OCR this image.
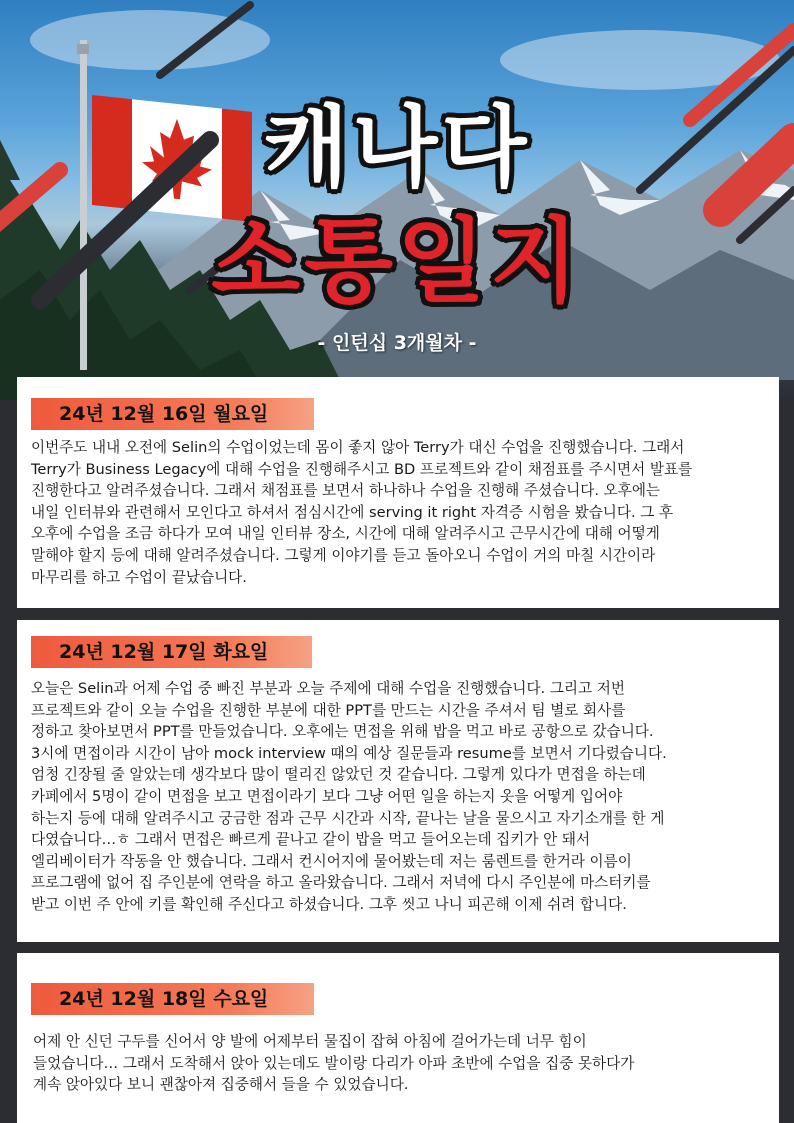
캐나다
소통일지
- 인턴십 3개월차 -
24년 12월 16일 월요일
이번주도 내내 오전에 Selin의 수업이었는데 몸이 좋지 않아 Terry가 대신 수업을 진행했습니다. 그래서
Terry가 Business Legacy에 대해 수업을 진행해주시고 BD 프로젝트와 같이 채점표를 주시면서 발표를
진행한다고 알려주셨습니다. 그래서 채점표를 보면서 하나하나 수업을 진행해 주셨습니다. 오후에는
내일 인터뷰와 관련해서 모인다고 하셔서 점심시간에 serving it right 자격증 시험을 봤습니다. 그 후
오후에 수업을 조금 하다가 모여 내일 인터뷰 장소, 시간에 대해 알려주시고 근무시간에 대해 어떻게
말해야 할지 등에 대해 알려주셨습니다. 그렇게 이야기를 듣고 돌아오니 수업이 거의 마칠 시간이라
마무리를 하고 수업이 끝났습니다.
24년 12월 17일 화요일
오늘은 Selin과 어제 수업 중 빠진 부분과 오늘 주제에 대해 수업을 진행했습니다. 그리고 저번
프로젝트와 같이 오늘 수업을 진행한 부분에 대한 PPT를 만드는 시간을 주셔서 팀 별로 회사를
정하고 찾아보면서 PPT를 만들었습니다. 오후에는 면접을 위해 밥을 먹고 바로 공항으로 갔습니다.
3시에 면접이라 시간이 남아 mock interview 때의 예상 질문들과 resume를 보면서 기다렸습니다.
엄청 긴장될 줄 알았는데 생각보다 많이 떨리진 않았던 것 같습니다. 그렇게 있다가 면접을 하는데
카페에서 5명이 같이 면접을 보고 면접이라기 보다 그냥 어떤 일을 하는지 옷을 어떻게 입어야
하는지 등에 대해 알려주시고 궁금한 점과 근무 시간과 시작, 끝나는 날을 물으시고 자기소개를 한 게
다였습니다…ㅎ 그래서 면접은 빠르게 끝나고 같이 밥을 먹고 들어오는데 집키가 안 돼서
엘리베이터가 작동을 안 했습니다. 그래서 컨시어지에 물어봤는데 저는 룸렌트를 한거라 이름이
프로그램에 없어 집 주인분에 연락을 하고 올라왔습니다. 그래서 저녁에 다시 주인분에 마스터키를
받고 이번 주 안에 키를 확인해 주신다고 하셨습니다. 그후 씻고 나니 피곤해 이제 쉬려 합니다.
24년 12월 18일 수요일
어제 안 신던 구두를 신어서 양 발에 어제부터 물집이 잡혀 아침에 걸어가는데 너무 힘이
들었습니다… 그래서 도착해서 앉아 있는데도 발이랑 다리가 아파 초반에 수업을 집중 못하다가
계속 앉아있다 보니 괜찮아져 집중해서 들을 수 있었습니다.
